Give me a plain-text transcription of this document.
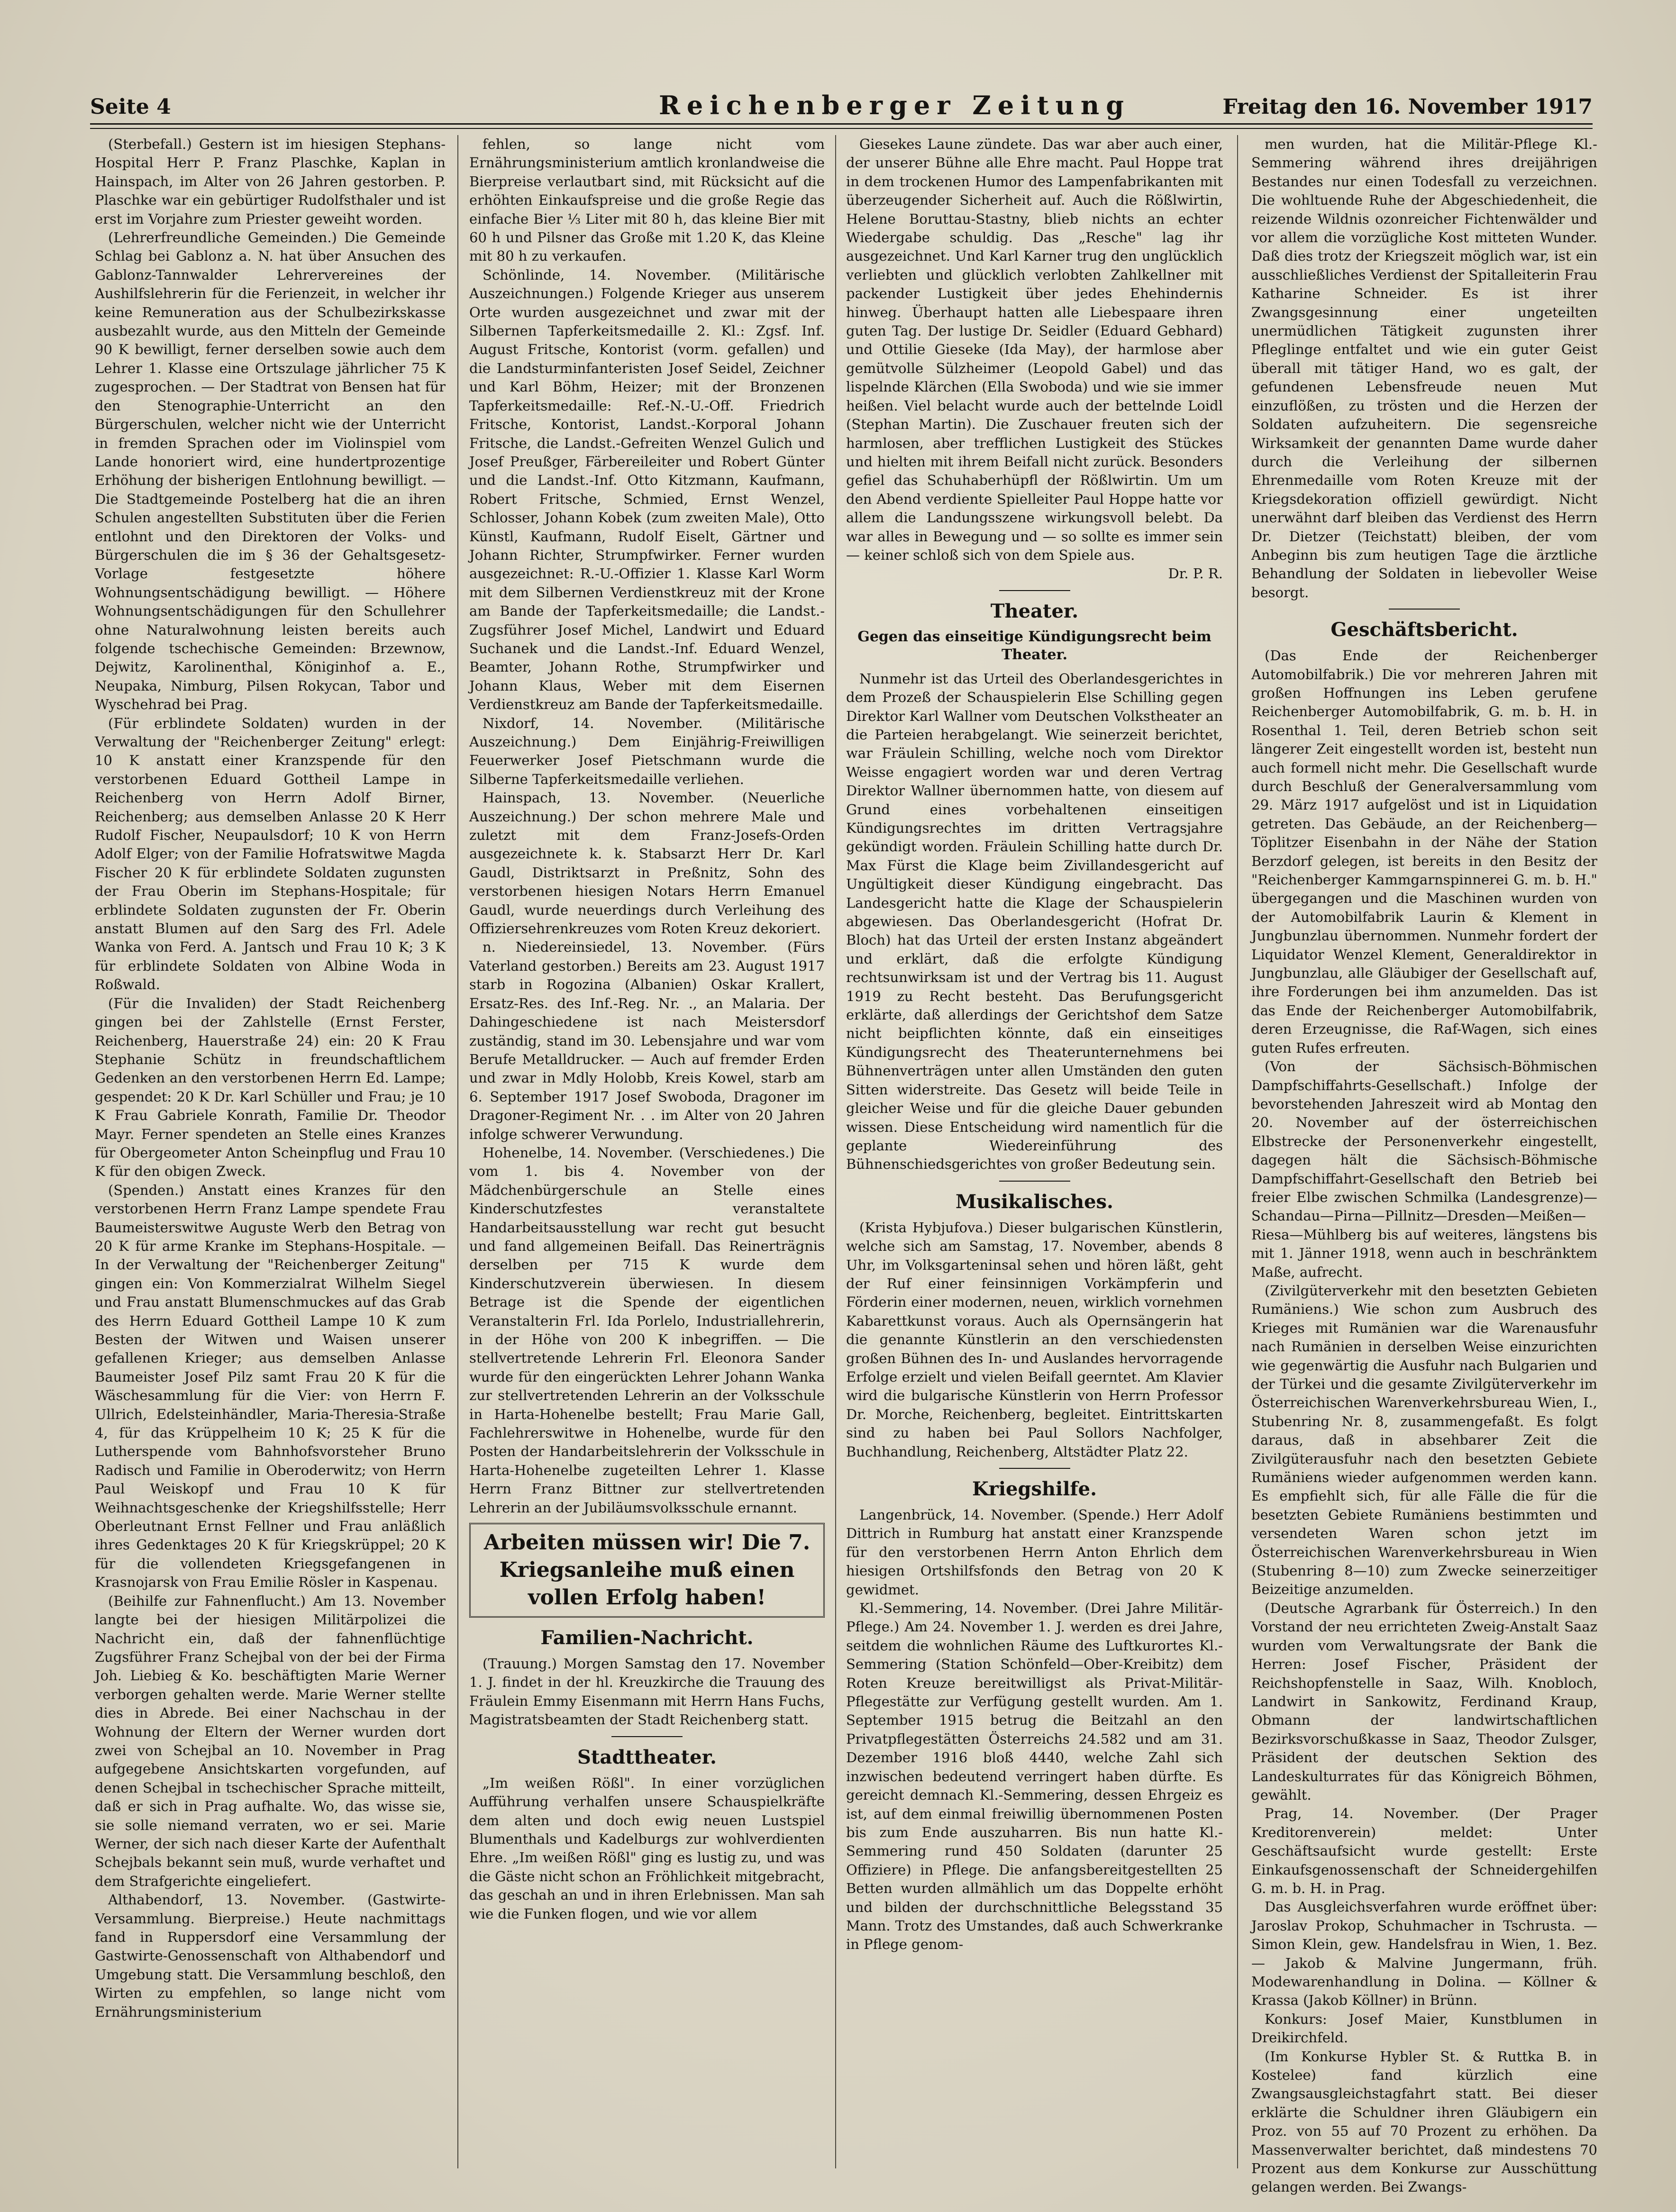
Seite 4	Reichenberger Zeitung	Freitag den 16. November 1917

(Sterbefall.) Gestern ist im hiesigen Stephans-Hospital Herr P. Franz Plaschke, Kaplan in Hainspach, im Alter von 26 Jahren gestorben. P. Plaschke war ein gebürtiger Rudolfsthaler und ist erst im Vorjahre zum Priester geweiht worden.

(Lehrerfreundliche Gemeinden.) Die Gemeinde Schlag bei Gablonz a. N. hat über Ansuchen des Gablonz-Tannwalder Lehrervereines der Aushilfslehrerin für die Ferienzeit, in welcher ihr keine Remuneration aus der Schulbezirkskasse ausbezahlt wurde, aus den Mitteln der Gemeinde 90 K bewilligt, ferner derselben sowie auch dem Lehrer 1. Klasse eine Ortszulage jährlicher 75 K zugesprochen. — Der Stadtrat von Bensen hat für den Stenographie-Unterricht an den Bürgerschulen, welcher nicht wie der Unterricht in fremden Sprachen oder im Violinspiel vom Lande honoriert wird, eine hundertprozentige Erhöhung der bisherigen Entlohnung bewilligt. — Die Stadtgemeinde Postelberg hat die an ihren Schulen angestellten Substituten über die Ferien entlohnt und den Direktoren der Volks- und Bürgerschulen die im § 36 der Gehaltsgesetz-Vorlage festgesetzte höhere Wohnungsentschädigung bewilligt. — Höhere Wohnungsentschädigungen für den Schullehrer ohne Naturalwohnung leisten bereits auch folgende tschechische Gemeinden: Brzewnow, Dejwitz, Karolinenthal, Königinhof a. E., Neupaka, Nimburg, Pilsen Rokycan, Tabor und Wyschehrad bei Prag.

(Für erblindete Soldaten) wurden in der Verwaltung der "Reichenberger Zeitung" erlegt: 10 K anstatt einer Kranzspende für den verstorbenen Eduard Gottheil Lampe in Reichenberg von Herrn Adolf Birner, Reichenberg; aus demselben Anlasse 20 K Herr Rudolf Fischer, Neupaulsdorf; 10 K von Herrn Adolf Elger; von der Familie Hofratswitwe Magda Fischer 20 K für erblindete Soldaten zugunsten der Frau Oberin im Stephans-Hospitale; für erblindete Soldaten zugunsten der Fr. Oberin anstatt Blumen auf den Sarg des Frl. Adele Wanka von Ferd. A. Jantsch und Frau 10 K; 3 K für erblindete Soldaten von Albine Woda in Roßwald.

(Für die Invaliden) der Stadt Reichenberg gingen bei der Zahlstelle (Ernst Ferster, Reichenberg, Hauerstraße 24) ein: 20 K Frau Stephanie Schütz in freundschaftlichem Gedenken an den verstorbenen Herrn Ed. Lampe; gespendet: 20 K Dr. Karl Schüller und Frau; je 10 K Frau Gabriele Konrath, Familie Dr. Theodor Mayr. Ferner spendeten an Stelle eines Kranzes für Obergeometer Anton Scheinpflug und Frau 10 K für den obigen Zweck.

(Spenden.) Anstatt eines Kranzes für den verstorbenen Herrn Franz Lampe spendete Frau Baumeisterswitwe Auguste Werb den Betrag von 20 K für arme Kranke im Stephans-Hospitale. — In der Verwaltung der "Reichenberger Zeitung" gingen ein: Von Kommerzialrat Wilhelm Siegel und Frau anstatt Blumenschmuckes auf das Grab des Herrn Eduard Gottheil Lampe 10 K zum Besten der Witwen und Waisen unserer gefallenen Krieger; aus demselben Anlasse Baumeister Josef Pilz samt Frau 20 K für die Wäschesammlung für die Vier: von Herrn F. Ullrich, Edelsteinhändler, Maria-Theresia-Straße 4, für das Krüppelheim 10 K; 25 K für die Lutherspende vom Bahnhofsvorsteher Bruno Radisch und Familie in Oberoderwitz; von Herrn Paul Weiskopf und Frau 10 K für Weihnachtsgeschenke der Kriegshilfsstelle; Herr Oberleutnant Ernst Fellner und Frau anläßlich ihres Gedenktages 20 K für Kriegskrüppel; 20 K für die vollendeten Kriegsgefangenen in Krasnojarsk von Frau Emilie Rösler in Kaspenau.

(Beihilfe zur Fahnenflucht.) Am 13. November langte bei der hiesigen Militärpolizei die Nachricht ein, daß der fahnenflüchtige Zugsführer Franz Schejbal von der bei der Firma Joh. Liebieg & Ko. beschäftigten Marie Werner verborgen gehalten werde. Marie Werner stellte dies in Abrede. Bei einer Nachschau in der Wohnung der Eltern der Werner wurden dort zwei von Schejbal an 10. November in Prag aufgegebene Ansichtskarten vorgefunden, auf denen Schejbal in tschechischer Sprache mitteilt, daß er sich in Prag aufhalte. Wo, das wisse sie, sie solle niemand verraten, wo er sei. Marie Werner, der sich nach dieser Karte der Aufenthalt Schejbals bekannt sein muß, wurde verhaftet und dem Strafgerichte eingeliefert.

Althabendorf, 13. November. (Gastwirte-Versammlung. Bierpreise.) Heute nachmittags fand in Ruppersdorf eine Versammlung der Gastwirte-Genossenschaft von Althabendorf und Umgebung statt. Die Versammlung beschloß, den Wirten zu empfehlen, so lange nicht vom Ernährungsministerium

fehlen, so lange nicht vom Ernährungsministerium amtlich kronlandweise die Bierpreise verlautbart sind, mit Rücksicht auf die erhöhten Einkaufspreise und die große Regie das einfache Bier ⅓ Liter mit 80 h, das kleine Bier mit 60 h und Pilsner das Große mit 1.20 K, das Kleine mit 80 h zu verkaufen.

Schönlinde, 14. November. (Militärische Auszeichnungen.) Folgende Krieger aus unserem Orte wurden ausgezeichnet und zwar mit der Silbernen Tapferkeitsmedaille 2. Kl.: Zgsf. Inf. August Fritsche, Kontorist (vorm. gefallen) und die Landsturminfanteristen Josef Seidel, Zeichner und Karl Böhm, Heizer; mit der Bronzenen Tapferkeitsmedaille: Ref.-N.-U.-Off. Friedrich Fritsche, Kontorist, Landst.-Korporal Johann Fritsche, die Landst.-Gefreiten Wenzel Gulich und Josef Preußger, Färbereileiter und Robert Günter und die Landst.-Inf. Otto Kitzmann, Kaufmann, Robert Fritsche, Schmied, Ernst Wenzel, Schlosser, Johann Kobek (zum zweiten Male), Otto Künstl, Kaufmann, Rudolf Eiselt, Gärtner und Johann Richter, Strumpfwirker. Ferner wurden ausgezeichnet: R.-U.-Offizier 1. Klasse Karl Worm mit dem Silbernen Verdienstkreuz mit der Krone am Bande der Tapferkeitsmedaille; die Landst.-Zugsführer Josef Michel, Landwirt und Eduard Suchanek und die Landst.-Inf. Eduard Wenzel, Beamter, Johann Rothe, Strumpfwirker und Johann Klaus, Weber mit dem Eisernen Verdienstkreuz am Bande der Tapferkeitsmedaille.

Nixdorf, 14. November. (Militärische Auszeichnung.) Dem Einjährig-Freiwilligen Feuerwerker Josef Pietschmann wurde die Silberne Tapferkeitsmedaille verliehen.

Hainspach, 13. November. (Neuerliche Auszeichnung.) Der schon mehrere Male und zuletzt mit dem Franz-Josefs-Orden ausgezeichnete k. k. Stabsarzt Herr Dr. Karl Gaudl, Distriktsarzt in Preßnitz, Sohn des verstorbenen hiesigen Notars Herrn Emanuel Gaudl, wurde neuerdings durch Verleihung des Offiziersehrenkreuzes vom Roten Kreuz dekoriert.

n. Niedereinsiedel, 13. November. (Fürs Vaterland gestorben.) Bereits am 23. August 1917 starb in Rogozina (Albanien) Oskar Krallert, Ersatz-Res. des Inf.-Reg. Nr. ., an Malaria. Der Dahingeschiedene ist nach Meistersdorf zuständig, stand im 30. Lebensjahre und war vom Berufe Metalldrucker. — Auch auf fremder Erden und zwar in Mdly Holobb, Kreis Kowel, starb am 6. September 1917 Josef Swoboda, Dragoner im Dragoner-Regiment Nr. . . im Alter von 20 Jahren infolge schwerer Verwundung.

Hohenelbe, 14. November. (Verschiedenes.) Die vom 1. bis 4. November von der Mädchenbürgerschule an Stelle eines Kinderschutzfestes veranstaltete Handarbeitsausstellung war recht gut besucht und fand allgemeinen Beifall. Das Reinerträgnis derselben per 715 K wurde dem Kinderschutzverein überwiesen. In diesem Betrage ist die Spende der eigentlichen Veranstalterin Frl. Ida Porlelo, Industriallehrerin, in der Höhe von 200 K inbegriffen. — Die stellvertretende Lehrerin Frl. Eleonora Sander wurde für den eingerückten Lehrer Johann Wanka zur stellvertretenden Lehrerin an der Volksschule in Harta-Hohenelbe bestellt; Frau Marie Gall, Fachlehrerswitwe in Hohenelbe, wurde für den Posten der Handarbeitslehrerin der Volksschule in Harta-Hohenelbe zugeteilten Lehrer 1. Klasse Herrn Franz Bittner zur stellvertretenden Lehrerin an der Jubiläumsvolksschule ernannt.

Arbeiten müssen wir! Die 7. Kriegsanleihe muß einen vollen Erfolg haben!
Familien-Nachricht.

(Trauung.) Morgen Samstag den 17. November 1. J. findet in der hl. Kreuzkirche die Trauung des Fräulein Emmy Eisenmann mit Herrn Hans Fuchs, Magistratsbeamten der Stadt Reichenberg statt.

Stadttheater.

„Im weißen Rößl". In einer vorzüglichen Aufführung verhalfen unsere Schauspielkräfte dem alten und doch ewig neuen Lustspiel Blumenthals und Kadelburgs zur wohlverdienten Ehre. „Im weißen Rößl" ging es lustig zu, und was die Gäste nicht schon an Fröhlichkeit mitgebracht, das geschah an und in ihren Erlebnissen. Man sah wie die Funken flogen, und wie vor allem

Giesekes Laune zündete. Das war aber auch einer, der unserer Bühne alle Ehre macht. Paul Hoppe trat in dem trockenen Humor des Lampenfabrikanten mit überzeugender Sicherheit auf. Auch die Rößlwirtin, Helene Boruttau-Stastny, blieb nichts an echter Wiedergabe schuldig. Das „Resche" lag ihr ausgezeichnet. Und Karl Karner trug den unglücklich verliebten und glücklich verlobten Zahlkellner mit packender Lustigkeit über jedes Ehehindernis hinweg. Überhaupt hatten alle Liebespaare ihren guten Tag. Der lustige Dr. Seidler (Eduard Gebhard) und Ottilie Gieseke (Ida May), der harmlose aber gemütvolle Sülzheimer (Leopold Gabel) und das lispelnde Klärchen (Ella Swoboda) und wie sie immer heißen. Viel belacht wurde auch der bettelnde Loidl (Stephan Martin). Die Zuschauer freuten sich der harmlosen, aber trefflichen Lustigkeit des Stückes und hielten mit ihrem Beifall nicht zurück. Besonders gefiel das Schuhaberhüpfl der Rößlwirtin. Um um den Abend verdiente Spielleiter Paul Hoppe hatte vor allem die Landungsszene wirkungsvoll belebt. Da war alles in Bewegung und — so sollte es immer sein — keiner schloß sich von dem Spiele aus.

Dr. P. R.

Theater.
Gegen das einseitige Kündigungsrecht beim Theater.

Nunmehr ist das Urteil des Oberlandesgerichtes in dem Prozeß der Schauspielerin Else Schilling gegen Direktor Karl Wallner vom Deutschen Volkstheater an die Parteien herabgelangt. Wie seinerzeit berichtet, war Fräulein Schilling, welche noch vom Direktor Weisse engagiert worden war und deren Vertrag Direktor Wallner übernommen hatte, von diesem auf Grund eines vorbehaltenen einseitigen Kündigungsrechtes im dritten Vertragsjahre gekündigt worden. Fräulein Schilling hatte durch Dr. Max Fürst die Klage beim Zivillandesgericht auf Ungültigkeit dieser Kündigung eingebracht. Das Landesgericht hatte die Klage der Schauspielerin abgewiesen. Das Oberlandesgericht (Hofrat Dr. Bloch) hat das Urteil der ersten Instanz abgeändert und erklärt, daß die erfolgte Kündigung rechtsunwirksam ist und der Vertrag bis 11. August 1919 zu Recht besteht. Das Berufungsgericht erklärte, daß allerdings der Gerichtshof dem Satze nicht beipflichten könnte, daß ein einseitiges Kündigungsrecht des Theaterunternehmens bei Bühnenverträgen unter allen Umständen den guten Sitten widerstreite. Das Gesetz will beide Teile in gleicher Weise und für die gleiche Dauer gebunden wissen. Diese Entscheidung wird namentlich für die geplante Wiedereinführung des Bühnenschiedsgerichtes von großer Bedeutung sein.

Musikalisches.

(Krista Hybjufova.) Dieser bulgarischen Künstlerin, welche sich am Samstag, 17. November, abends 8 Uhr, im Volksgarteninsal sehen und hören läßt, geht der Ruf einer feinsinnigen Vorkämpferin und Förderin einer modernen, neuen, wirklich vornehmen Kabarettkunst voraus. Auch als Opernsängerin hat die genannte Künstlerin an den verschiedensten großen Bühnen des In- und Auslandes hervorragende Erfolge erzielt und vielen Beifall geerntet. Am Klavier wird die bulgarische Künstlerin von Herrn Professor Dr. Morche, Reichenberg, begleitet. Eintrittskarten sind zu haben bei Paul Sollors Nachfolger, Buchhandlung, Reichenberg, Altstädter Platz 22.

Kriegshilfe.

Langenbrück, 14. November. (Spende.) Herr Adolf Dittrich in Rumburg hat anstatt einer Kranzspende für den verstorbenen Herrn Anton Ehrlich dem hiesigen Ortshilfsfonds den Betrag von 20 K gewidmet.

Kl.-Semmering, 14. November. (Drei Jahre Militär-Pflege.) Am 24. November 1. J. werden es drei Jahre, seitdem die wohnlichen Räume des Luftkurortes Kl.-Semmering (Station Schönfeld—Ober-Kreibitz) dem Roten Kreuze bereitwilligst als Privat-Militär-Pflegestätte zur Verfügung gestellt wurden. Am 1. September 1915 betrug die Beitzahl an den Privatpflegestätten Österreichs 24.582 und am 31. Dezember 1916 bloß 4440, welche Zahl sich inzwischen bedeutend verringert haben dürfte. Es gereicht demnach Kl.-Semmering, dessen Ehrgeiz es ist, auf dem einmal freiwillig übernommenen Posten bis zum Ende auszuharren. Bis nun hatte Kl.-Semmering rund 450 Soldaten (darunter 25 Offiziere) in Pflege. Die anfangsbereitgestellten 25 Betten wurden allmählich um das Doppelte erhöht und bilden der durchschnittliche Belegsstand 35 Mann. Trotz des Umstandes, daß auch Schwerkranke in Pflege genom-

men wurden, hat die Militär-Pflege Kl.-Semmering während ihres dreijährigen Bestandes nur einen Todesfall zu verzeichnen. Die wohltuende Ruhe der Abgeschiedenheit, die reizende Wildnis ozonreicher Fichtenwälder und vor allem die vorzügliche Kost mitteten Wunder. Daß dies trotz der Kriegszeit möglich war, ist ein ausschließliches Verdienst der Spitalleiterin Frau Katharine Schneider. Es ist ihrer Zwangsgesinnung einer ungeteilten unermüdlichen Tätigkeit zugunsten ihrer Pfleglinge entfaltet und wie ein guter Geist überall mit tätiger Hand, wo es galt, der gefundenen Lebensfreude neuen Mut einzuflößen, zu trösten und die Herzen der Soldaten aufzuheitern. Die segensreiche Wirksamkeit der genannten Dame wurde daher durch die Verleihung der silbernen Ehrenmedaille vom Roten Kreuze mit der Kriegsdekoration offiziell gewürdigt. Nicht unerwähnt darf bleiben das Verdienst des Herrn Dr. Dietzer (Teichstatt) bleiben, der vom Anbeginn bis zum heutigen Tage die ärztliche Behandlung der Soldaten in liebevoller Weise besorgt.

Geschäftsbericht.

(Das Ende der Reichenberger Automobilfabrik.) Die vor mehreren Jahren mit großen Hoffnungen ins Leben gerufene Reichenberger Automobilfabrik, G. m. b. H. in Rosenthal 1. Teil, deren Betrieb schon seit längerer Zeit eingestellt worden ist, besteht nun auch formell nicht mehr. Die Gesellschaft wurde durch Beschluß der Generalversammlung vom 29. März 1917 aufgelöst und ist in Liquidation getreten. Das Gebäude, an der Reichenberg—Töplitzer Eisenbahn in der Nähe der Station Berzdorf gelegen, ist bereits in den Besitz der "Reichenberger Kammgarnspinnerei G. m. b. H." übergegangen und die Maschinen wurden von der Automobilfabrik Laurin & Klement in Jungbunzlau übernommen. Nunmehr fordert der Liquidator Wenzel Klement, Generaldirektor in Jungbunzlau, alle Gläubiger der Gesellschaft auf, ihre Forderungen bei ihm anzumelden. Das ist das Ende der Reichenberger Automobilfabrik, deren Erzeugnisse, die Raf-Wagen, sich eines guten Rufes erfreuten.

(Von der Sächsisch-Böhmischen Dampfschiffahrts-Gesellschaft.) Infolge der bevorstehenden Jahreszeit wird ab Montag den 20. November auf der österreichischen Elbstrecke der Personenverkehr eingestellt, dagegen hält die Sächsisch-Böhmische Dampfschiffahrt-Gesellschaft den Betrieb bei freier Elbe zwischen Schmilka (Landesgrenze)—Schandau—Pirna—Pillnitz—Dresden—Meißen—Riesa—Mühlberg bis auf weiteres, längstens bis mit 1. Jänner 1918, wenn auch in beschränktem Maße, aufrecht.

(Zivilgüterverkehr mit den besetzten Gebieten Rumäniens.) Wie schon zum Ausbruch des Krieges mit Rumänien war die Warenausfuhr nach Rumänien in derselben Weise einzurichten wie gegenwärtig die Ausfuhr nach Bulgarien und der Türkei und die gesamte Zivilgüterverkehr im Österreichischen Warenverkehrsbureau Wien, I., Stubenring Nr. 8, zusammengefaßt. Es folgt daraus, daß in absehbarer Zeit die Zivilgüterausfuhr nach den besetzten Gebiete Rumäniens wieder aufgenommen werden kann. Es empfiehlt sich, für alle Fälle die für die besetzten Gebiete Rumäniens bestimmten und versendeten Waren schon jetzt im Österreichischen Warenverkehrsbureau in Wien (Stubenring 8—10) zum Zwecke seinerzeitiger Beizeitige anzumelden.

(Deutsche Agrarbank für Österreich.) In den Vorstand der neu errichteten Zweig-Anstalt Saaz wurden vom Verwaltungsrate der Bank die Herren: Josef Fischer, Präsident der Reichshopfenstelle in Saaz, Wilh. Knobloch, Landwirt in Sankowitz, Ferdinand Kraup, Obmann der landwirtschaftlichen Bezirksvorschußkasse in Saaz, Theodor Zulsger, Präsident der deutschen Sektion des Landeskulturrates für das Königreich Böhmen, gewählt.

Prag, 14. November. (Der Prager Kreditorenverein) meldet: Unter Geschäftsaufsicht wurde gestellt: Erste Einkaufsgenossenschaft der Schneidergehilfen G. m. b. H. in Prag.

Das Ausgleichsverfahren wurde eröffnet über: Jaroslav Prokop, Schuhmacher in Tschrusta. — Simon Klein, gew. Handelsfrau in Wien, 1. Bez. — Jakob & Malvine Jungermann, früh. Modewarenhandlung in Dolina. — Köllner & Krassa (Jakob Köllner) in Brünn.

Konkurs: Josef Maier, Kunstblumen in Dreikirchfeld.

(Im Konkurse Hybler St. & Ruttka B. in Kostelee) fand kürzlich eine Zwangsausgleichstagfahrt statt. Bei dieser erklärte die Schuldner ihren Gläubigern ein Proz. von 55 auf 70 Prozent zu erhöhen. Da Massenverwalter berichtet, daß mindestens 70 Prozent aus dem Konkurse zur Ausschüttung gelangen werden. Bei Zwangs-
